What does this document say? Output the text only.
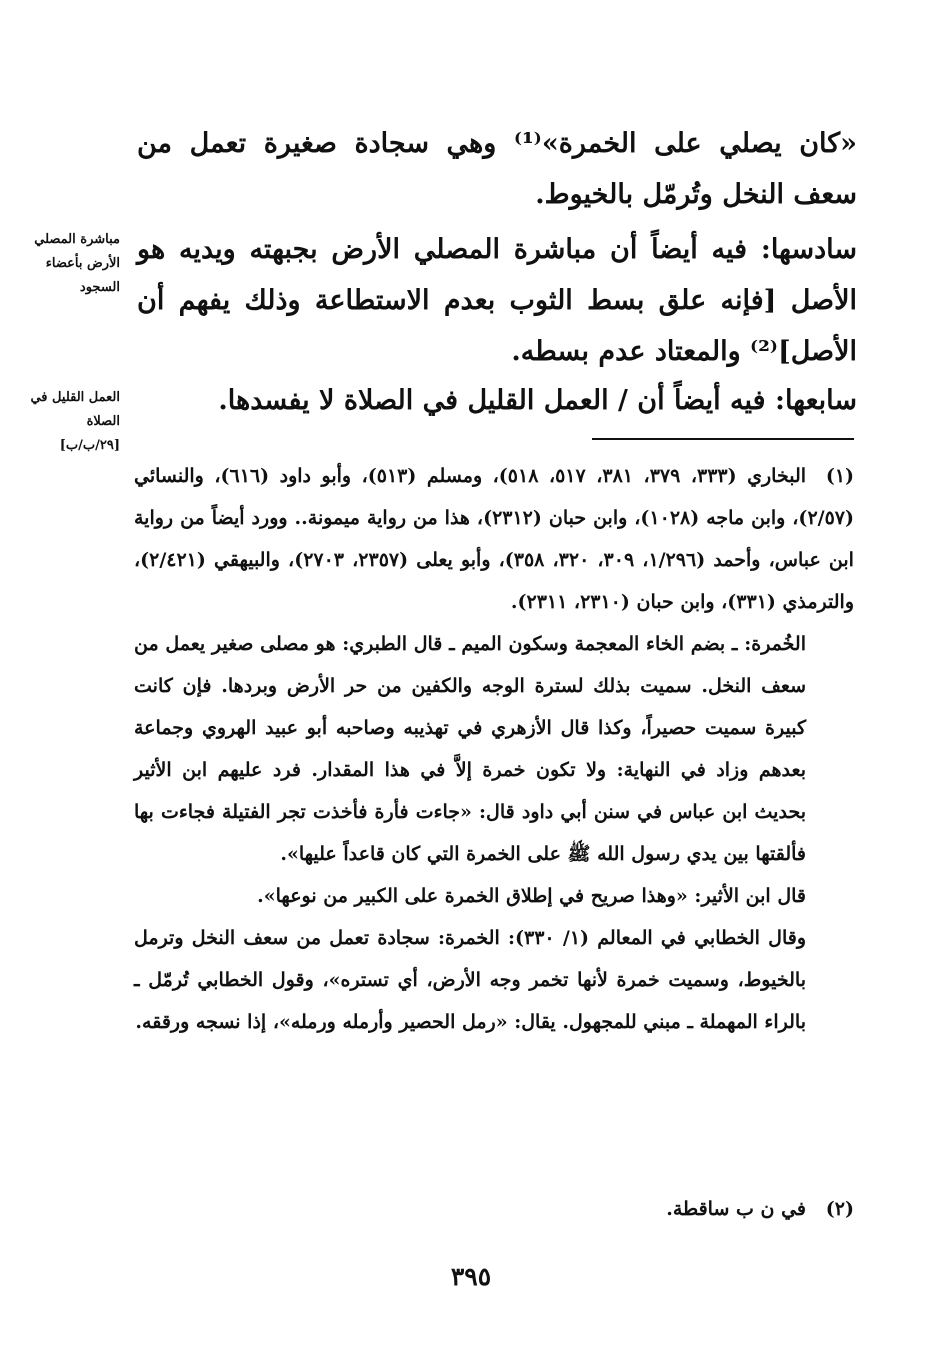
«كان يصلي على الخمرة»⁽¹⁾ وهي سجادة صغيرة تعمل من سعف النخل وتُرمّل بالخيوط.

سادسها: فيه أيضاً أن مباشرة المصلي الأرض بجبهته ويديه هو الأصل [فإنه علق بسط الثوب بعدم الاستطاعة وذلك يفهم أن الأصل]⁽²⁾ والمعتاد عدم بسطه.

سابعها: فيه أيضاً أن / العمل القليل في الصلاة لا يفسدها.

مباشرة المصلي الأرض بأعضاء السجود
العمل القليل في الصلاة
[٢٩/ب/ب]

(١)البخاري (٣٣٣، ٣٧٩، ٣٨١، ٥١٧، ٥١٨)، ومسلم (٥١٣)، وأبو داود (٦١٦)، والنسائي (٢/٥٧)، وابن ماجه (١٠٢٨)، وابن حبان (٢٣١٢)، هذا من رواية ميمونة.. وورد أيضاً من رواية ابن عباس، وأحمد (١/٢٩٦، ٣٠٩، ٣٢٠، ٣٥٨)، وأبو يعلى (٢٣٥٧، ٢٧٠٣)، والبيهقي (٢/٤٢١)، والترمذي (٣٣١)، وابن حبان (٢٣١٠، ٢٣١١).

الخُمرة: ـ بضم الخاء المعجمة وسكون الميم ـ قال الطبري: هو مصلى صغير يعمل من سعف النخل. سميت بذلك لسترة الوجه والكفين من حر الأرض وبردها. فإن كانت كبيرة سميت حصيراً، وكذا قال الأزهري في تهذيبه وصاحبه أبو عبيد الهروي وجماعة بعدهم وزاد في النهاية: ولا تكون خمرة إلاَّ في هذا المقدار. فرد عليهم ابن الأثير بحديث ابن عباس في سنن أبي داود قال: «جاءت فأرة فأخذت تجر الفتيلة فجاءت بها فألقتها بين يدي رسول الله ﷺ على الخمرة التي كان قاعداً عليها».

قال ابن الأثير: «وهذا صريح في إطلاق الخمرة على الكبير من نوعها».

وقال الخطابي في المعالم (١/ ٣٣٠): الخمرة: سجادة تعمل من سعف النخل وترمل بالخيوط، وسميت خمرة لأنها تخمر وجه الأرض، أي تستره»، وقول الخطابي تُرمّل ـ بالراء المهملة ـ مبني للمجهول. يقال: «رمل الحصير وأرمله ورمله»، إذا نسجه ورققه.

(٢)في ن ب ساقطة.

٣٩٥
